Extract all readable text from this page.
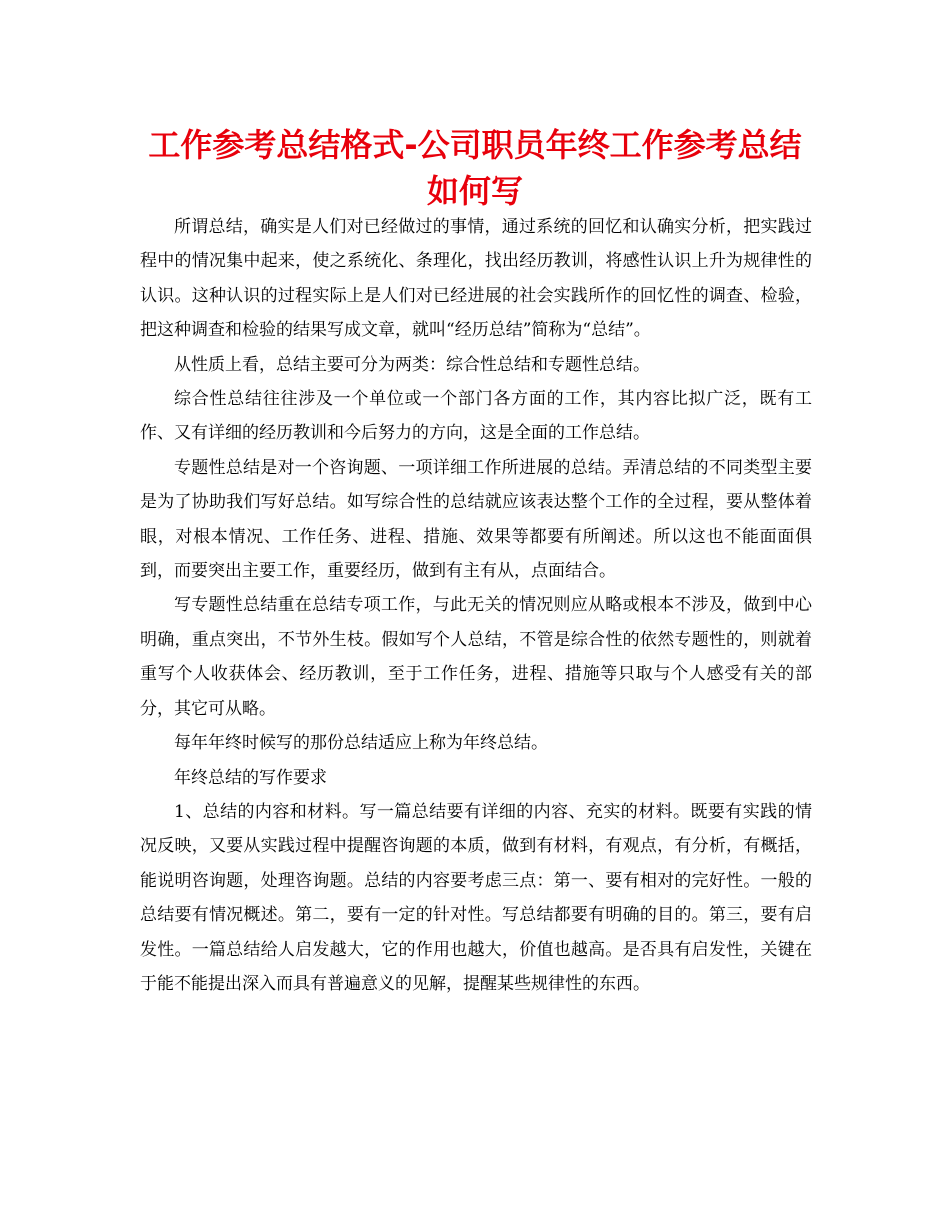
工作参考总结格式-公司职员年终工作参考总结如何写

所谓总结，确实是人们对已经做过的事情，通过系统的回忆和认确实分析，把实践过程中的情况集中起来，使之系统化、条理化，找出经历教训，将感性认识上升为规律性的认识。这种认识的过程实际上是人们对已经进展的社会实践所作的回忆性的调查、检验，把这种调查和检验的结果写成文章，就叫“经历总结”简称为“总结”。

从性质上看，总结主要可分为两类：综合性总结和专题性总结。

综合性总结往往涉及一个单位或一个部门各方面的工作，其内容比拟广泛，既有工作、又有详细的经历教训和今后努力的方向，这是全面的工作总结。

专题性总结是对一个咨询题、一项详细工作所进展的总结。弄清总结的不同类型主要是为了协助我们写好总结。如写综合性的总结就应该表达整个工作的全过程，要从整体着眼，对根本情况、工作任务、进程、措施、效果等都要有所阐述。所以这也不能面面俱到，而要突出主要工作，重要经历，做到有主有从，点面结合。

写专题性总结重在总结专项工作，与此无关的情况则应从略或根本不涉及，做到中心明确，重点突出，不节外生枝。假如写个人总结，不管是综合性的依然专题性的，则就着重写个人收获体会、经历教训，至于工作任务，进程、措施等只取与个人感受有关的部分，其它可从略。

每年年终时候写的那份总结适应上称为年终总结。

年终总结的写作要求

1、总结的内容和材料。写一篇总结要有详细的内容、充实的材料。既要有实践的情况反映，又要从实践过程中提醒咨询题的本质，做到有材料，有观点，有分析，有概括，能说明咨询题，处理咨询题。总结的内容要考虑三点：第一、要有相对的完好性。一般的总结要有情况概述。第二，要有一定的针对性。写总结都要有明确的目的。第三，要有启发性。一篇总结给人启发越大，它的作用也越大，价值也越高。是否具有启发性，关键在于能不能提出深入而具有普遍意义的见解，提醒某些规律性的东西。
